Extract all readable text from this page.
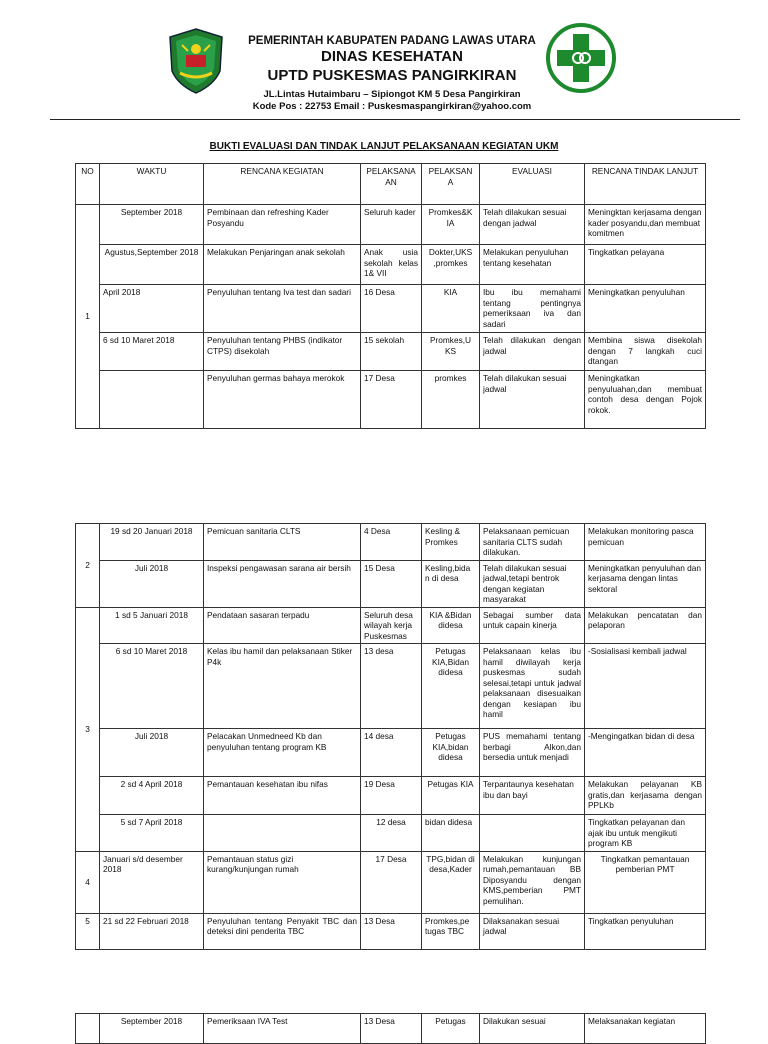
PEMERINTAH KABUPATEN PADANG LAWAS UTARA
DINAS KESEHATAN
UPTD PUSKESMAS PANGIRKIRAN
JL.Lintas Hutaimbaru – Sipiongot KM 5 Desa Pangirkiran
Kode Pos : 22753 Email : Puskesmaspangirkiran@yahoo.com
BUKTI EVALUASI DAN TINDAK LANJUT PELAKSANAAN KEGIATAN UKM
NO	WAKTU	RENCANA KEGIATAN	PELAKSANA AN	PELAKSAN A	EVALUASI	RENCANA TINDAK LANJUT
1	September 2018	Pembinaan dan refreshing Kader Posyandu	Seluruh kader	Promkes&K IA	Telah dilakukan sesuai dengan jadwal	Meningktan kerjasama dengan kader posyandu,dan membuat komitmen
	Agustus,September 2018	Melakukan Penjaringan anak sekolah	Anak usia sekolah kelas 1& VII	Dokter,UKS ,promkes	Melakukan penyuluhan tentang kesehatan	Tingkatkan pelayana
	April 2018	Penyuluhan tentang Iva test dan sadari	16 Desa	KIA	Ibu ibu memahami tentang pentingnya pemeriksaan iva dan sadari	Meningkatkan penyuluhan
	6 sd 10 Maret 2018	Penyuluhan tentang PHBS (indikator CTPS) disekolah	15 sekolah	Promkes,U KS	Telah dilakukan dengan jadwal	Membina siswa disekolah dengan 7 langkah cuci dtangan
		Penyuluhan germas bahaya merokok	17 Desa	promkes	Telah dilakukan sesuai jadwal	Meningkatkan penyuluahan,dan membuat contoh desa dengan Pojok rokok.
2	19 sd 20 Januari 2018	Pemicuan sanitaria CLTS	4 Desa	Kesling & Promkes	Pelaksanaan pemicuan sanitaria CLTS sudah dilakukan.	Melakukan monitoring pasca pemicuan
	Juli 2018	Inspeksi pengawasan sarana air bersih	15 Desa	Kesling,bida n di desa	Telah dilakukan sesuai jadwal,tetapi bentrok dengan kegiatan masyarakat	Meningkatkan penyuluhan dan kerjasama dengan lintas sektoral
3	1 sd 5 Januari 2018	Pendataan sasaran terpadu	Seluruh desa wilayah kerja Puskesmas	KIA &Bidan didesa	Sebagai sumber data untuk capain kinerja	Melakukan pencatatan dan pelaporan
	6 sd 10 Maret 2018	Kelas ibu hamil dan pelaksanaan Stiker P4k	13 desa	Petugas KIA,Bidan didesa	Pelaksanaan kelas ibu hamil diwilayah kerja puskesmas sudah selesai,tetapi untuk jadwal pelaksanaan disesuaikan dengan kesiapan ibu hamil	-Sosialisasi kembali jadwal
	Juli 2018	Pelacakan Unmedneed Kb dan penyuluhan tentang program KB	14 desa	Petugas KIA,bidan didesa	PUS memahami tentang berbagi Alkon,dan bersedia untuk menjadi	-Mengingatkan bidan di desa
	2 sd 4 April 2018	Pemantauan kesehatan ibu nifas	19 Desa	Petugas KIA	Terpantaunya kesehatan ibu dan bayi	Melakukan pelayanan KB gratis,dan kerjasama dengan PPLKb
	5 sd 7 April 2018		12 desa	bidan didesa		Tingkatkan pelayanan dan ajak ibu untuk mengikuti program KB
4	Januari s/d desember 2018	Pemantauan status gizi kurang/kunjungan rumah	17 Desa	TPG,bidan di desa,Kader	Melakukan kunjungan rumah,pemantauan BB Diposyandu dengan KMS,pemberian PMT pemulihan.	Tingkatkan pemantauan pemberian PMT
5	21 sd 22 Februari 2018	Penyuluhan tentang Penyakit TBC dan deteksi dini penderita TBC	13 Desa	Promkes,pe tugas TBC	Dilaksanakan sesuai jadwal	Tingkatkan penyuluhan
	September 2018	Pemeriksaan IVA Test	13 Desa	Petugas	Dilakukan sesuai	Melaksanakan kegiatan
